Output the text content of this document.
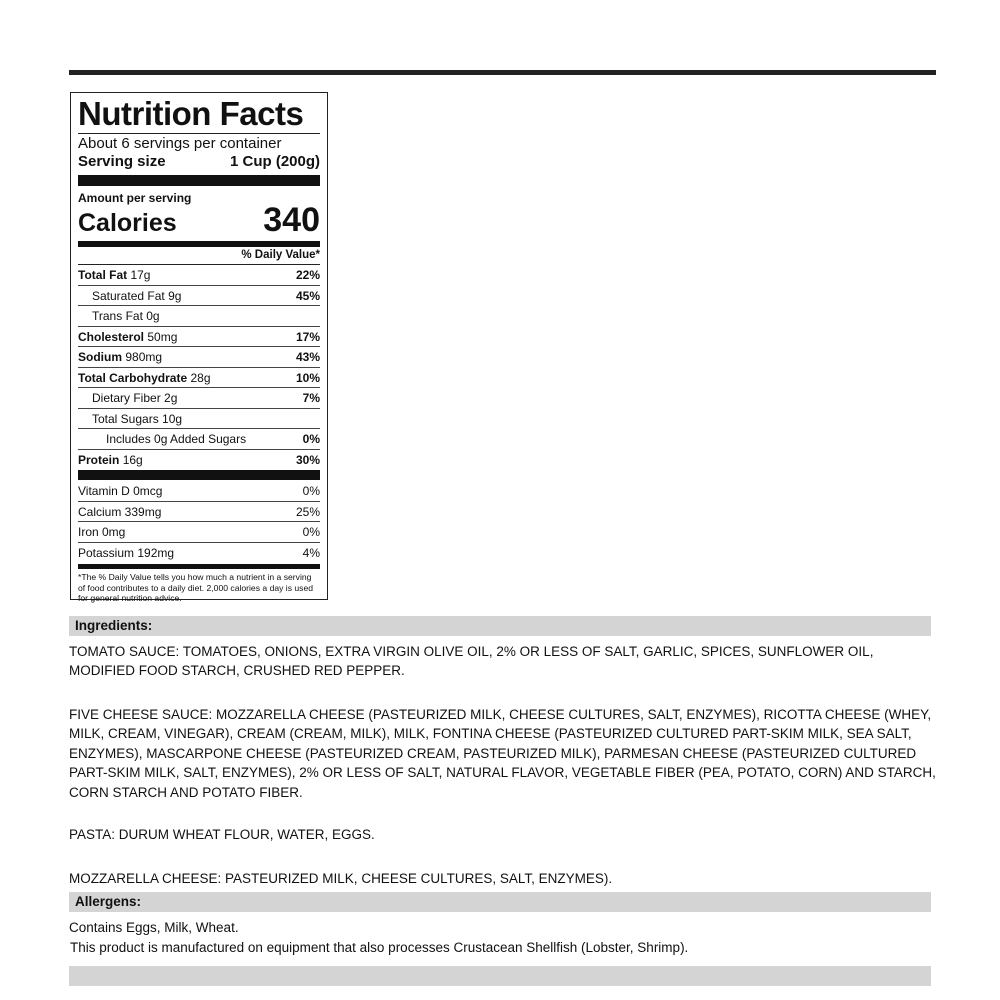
Nutrition Facts
About 6 servings per container
Serving size	1 Cup (200g)
Amount per serving
Calories	340
% Daily Value*
Total Fat 17g	22%
Saturated Fat 9g	45%
Trans Fat 0g
Cholesterol 50mg	17%
Sodium 980mg	43%
Total Carbohydrate 28g	10%
Dietary Fiber 2g	7%
Total Sugars 10g
Includes 0g Added Sugars	0%
Protein 16g	30%
Vitamin D 0mcg	0%
Calcium 339mg	25%
Iron 0mg	0%
Potassium 192mg	4%
*The % Daily Value tells you how much a nutrient in a serving of food contributes to a daily diet. 2,000 calories a day is used for general nutrition advice.
Ingredients:
TOMATO SAUCE: TOMATOES, ONIONS, EXTRA VIRGIN OLIVE OIL, 2% OR LESS OF SALT, GARLIC, SPICES, SUNFLOWER OIL, MODIFIED FOOD STARCH, CRUSHED RED PEPPER.
FIVE CHEESE SAUCE: MOZZARELLA CHEESE (PASTEURIZED MILK, CHEESE CULTURES, SALT, ENZYMES), RICOTTA CHEESE (WHEY, MILK, CREAM, VINEGAR), CREAM (CREAM, MILK), MILK, FONTINA CHEESE (PASTEURIZED CULTURED PART-SKIM MILK, SEA SALT, ENZYMES), MASCARPONE CHEESE (PASTEURIZED CREAM, PASTEURIZED MILK), PARMESAN CHEESE (PASTEURIZED CULTURED PART-SKIM MILK, SALT, ENZYMES), 2% OR LESS OF SALT, NATURAL FLAVOR, VEGETABLE FIBER (PEA, POTATO, CORN) AND STARCH, CORN STARCH AND POTATO FIBER.
PASTA: DURUM WHEAT FLOUR, WATER, EGGS.
MOZZARELLA CHEESE: PASTEURIZED MILK, CHEESE CULTURES, SALT, ENZYMES).
Allergens:
Contains Eggs, Milk, Wheat.
This product is manufactured on equipment that also processes Crustacean Shellfish (Lobster, Shrimp).
